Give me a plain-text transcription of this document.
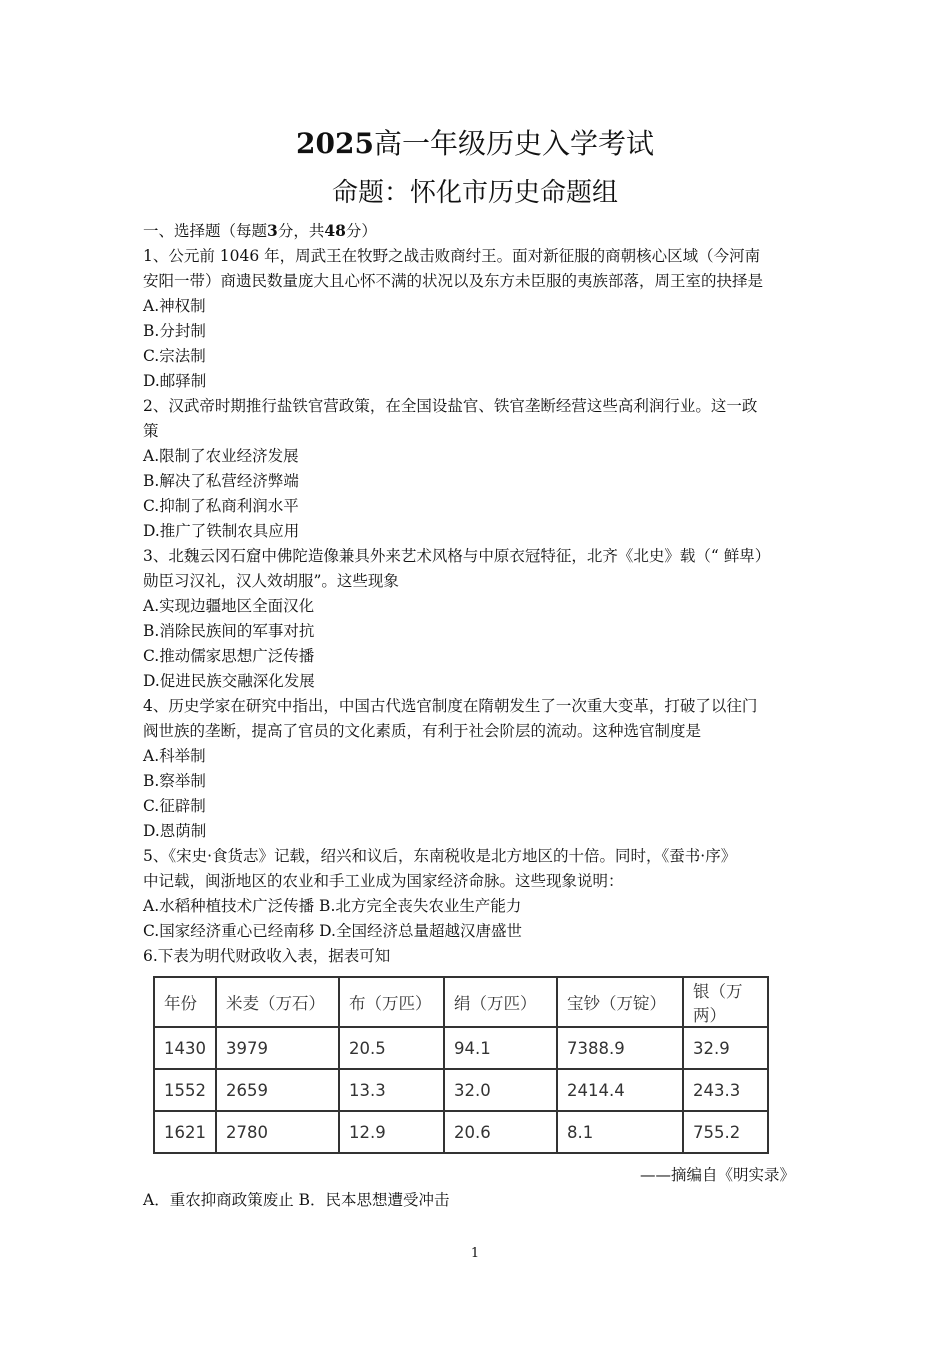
2025高一年级历史入学考试
命题：怀化市历史命题组
一、选择题（每题3分，共48分）
1、公元前 1046 年，周武王在牧野之战击败商纣王。面对新征服的商朝核心区域（今河南
安阳一带）商遗民数量庞大且心怀不满的状况以及东方未臣服的夷族部落，周王室的抉择是
A.神权制
B.分封制
C.宗法制
D.邮驿制
2、汉武帝时期推行盐铁官营政策，在全国设盐官、铁官垄断经营这些高利润行业。这一政
策
A.限制了农业经济发展
B.解决了私营经济弊端
C.抑制了私商利润水平
D.推广了铁制农具应用
3、北魏云冈石窟中佛陀造像兼具外来艺术风格与中原衣冠特征，北齐《北史》载（“ 鲜卑）
勋臣习汉礼，汉人效胡服”。这些现象
A.实现边疆地区全面汉化
B.消除民族间的军事对抗
C.推动儒家思想广泛传播
D.促进民族交融深化发展
4、历史学家在研究中指出，中国古代选官制度在隋朝发生了一次重大变革，打破了以往门
阀世族的垄断，提高了官员的文化素质，有利于社会阶层的流动。这种选官制度是
A.科举制
B.察举制
C.征辟制
D.恩荫制
5、《宋史·食货志》记载，绍兴和议后，东南税收是北方地区的十倍。同时，《蚕书·序》
中记载，闽浙地区的农业和手工业成为国家经济命脉。这些现象说明：
A.水稻种植技术广泛传播 B.北方完全丧失农业生产能力
C.国家经济重心已经南移 D.全国经济总量超越汉唐盛世
6.下表为明代财政收入表，据表可知
年份	米麦（万石）	布（万匹）	绢（万匹）	宝钞（万锭）	银（万两）
1430	3979	20.5	94.1	7388.9	32.9
1552	2659	13.3	32.0	2414.4	243.3
1621	2780	12.9	20.6	8.1	755.2
——摘编自《明实录》
A．重农抑商政策废止 B．民本思想遭受冲击
1
